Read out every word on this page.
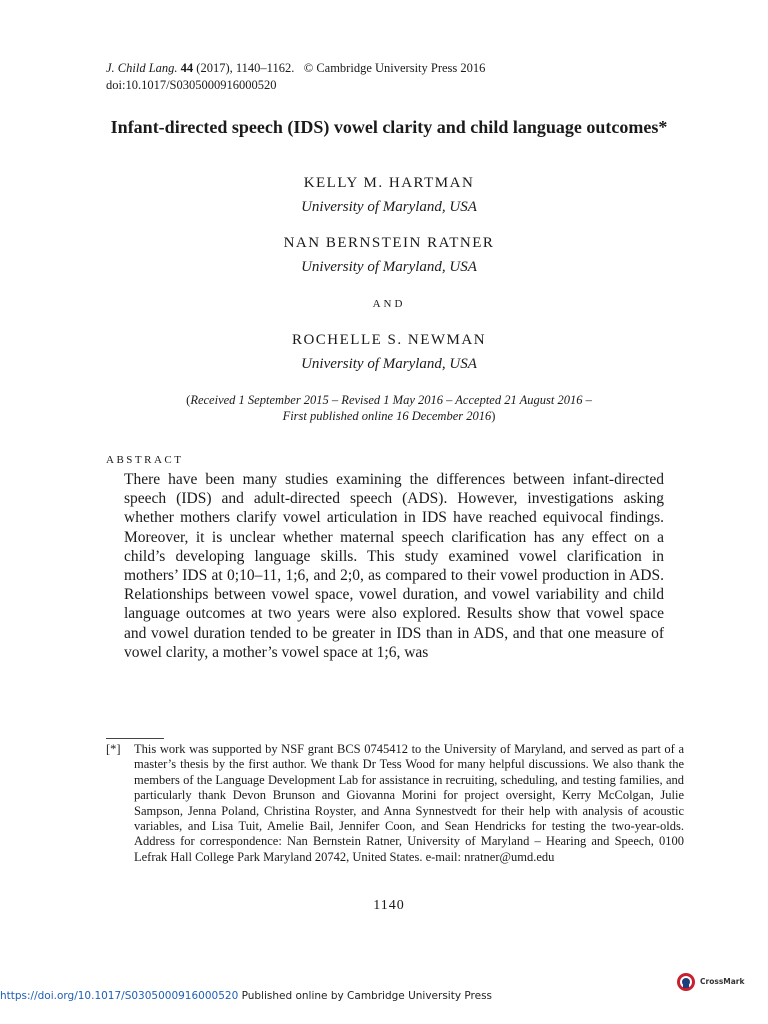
J. Child Lang. 44 (2017), 1140–1162. © Cambridge University Press 2016
doi:10.1017/S0305000916000520
Infant-directed speech (IDS) vowel clarity and child language outcomes*
KELLY M. HARTMAN
University of Maryland, USA
NAN BERNSTEIN RATNER
University of Maryland, USA
AND
ROCHELLE S. NEWMAN
University of Maryland, USA
(Received 1 September 2015 – Revised 1 May 2016 – Accepted 21 August 2016 –
First published online 16 December 2016)
ABSTRACT

There have been many studies examining the differences between infant-directed speech (IDS) and adult-directed speech (ADS). However, investigations asking whether mothers clarify vowel articulation in IDS have reached equivocal findings. Moreover, it is unclear whether maternal speech clarification has any effect on a child’s developing language skills. This study examined vowel clarification in mothers’ IDS at 0;10–11, 1;6, and 2;0, as compared to their vowel production in ADS. Relationships between vowel space, vowel duration, and vowel variability and child language outcomes at two years were also explored. Results show that vowel space and vowel duration tended to be greater in IDS than in ADS, and that one measure of vowel clarity, a mother’s vowel space at 1;6, was

[*] This work was supported by NSF grant BCS 0745412 to the University of Maryland, and served as part of a master’s thesis by the first author. We thank Dr Tess Wood for many helpful discussions. We also thank the members of the Language Development Lab for assistance in recruiting, scheduling, and testing families, and particularly thank Devon Brunson and Giovanna Morini for project oversight, Kerry McColgan, Julie Sampson, Jenna Poland, Christina Royster, and Anna Synnestvedt for their help with analysis of acoustic variables, and Lisa Tuit, Amelie Bail, Jennifer Coon, and Sean Hendricks for testing the two-year-olds. Address for correspondence: Nan Bernstein Ratner, University of Maryland – Hearing and Speech, 0100 Lefrak Hall College Park Maryland 20742, United States. e-mail: nratner@umd.edu
1140
https://doi.org/10.1017/S0305000916000520 Published online by Cambridge University Press
CrossMark
